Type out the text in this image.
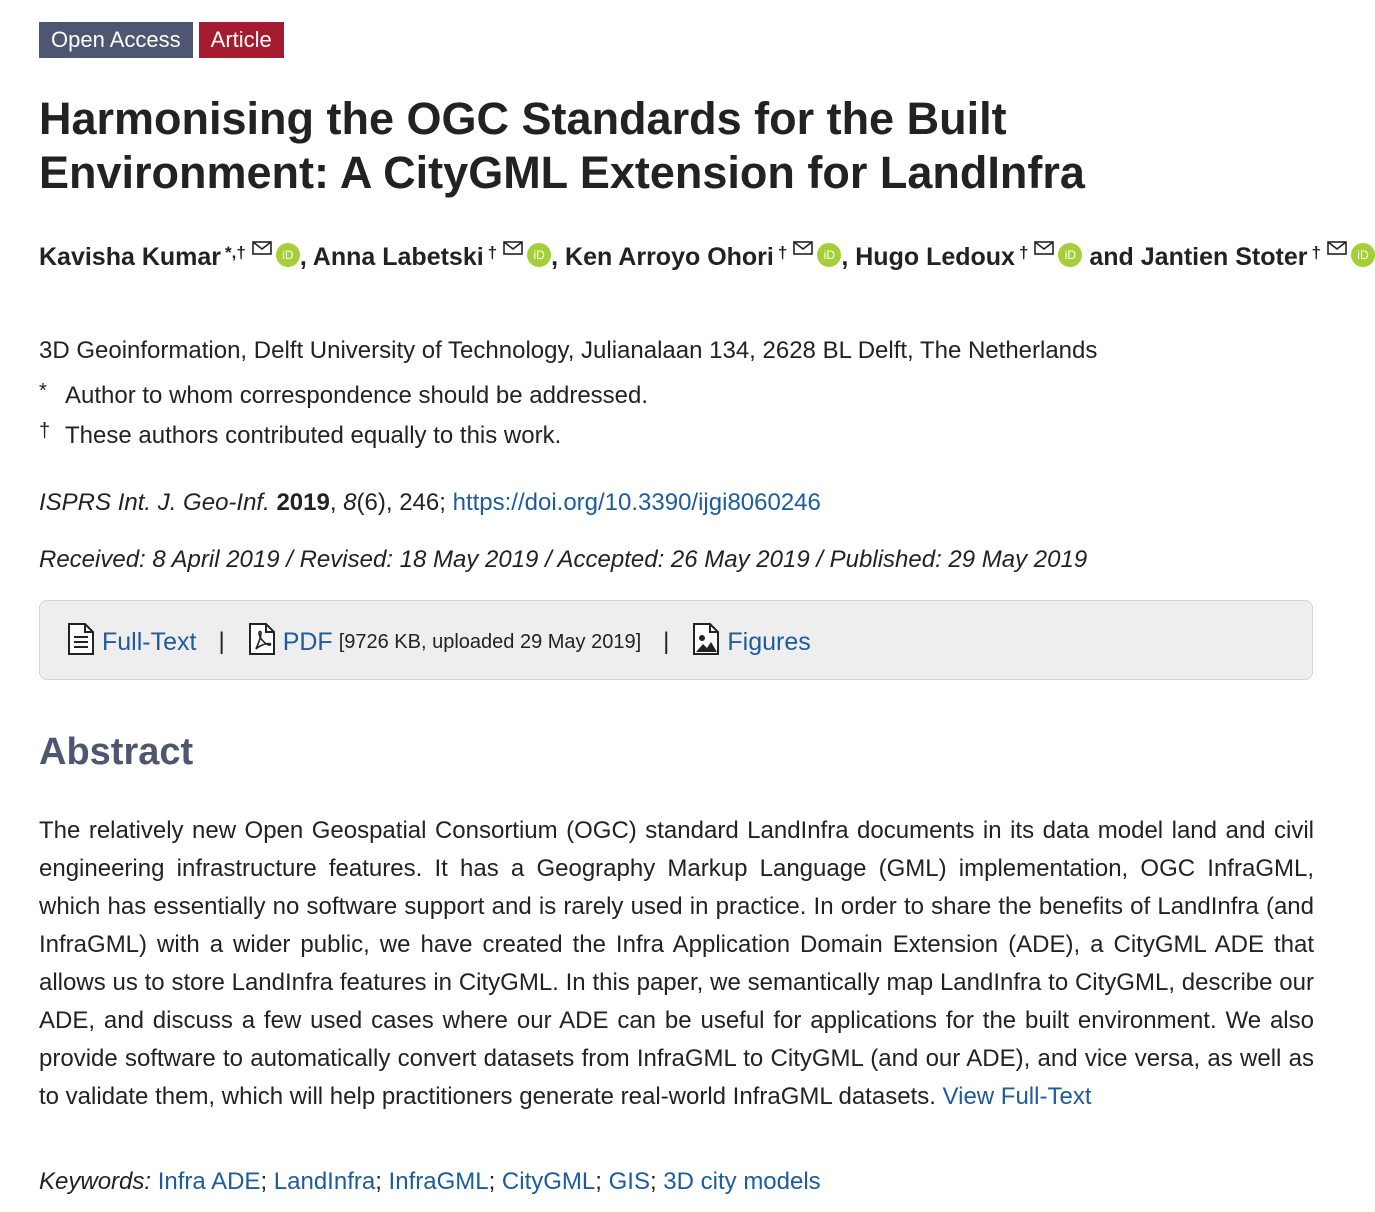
Open Access	Article
Harmonising the OGC Standards for the Built Environment: A CityGML Extension for LandInfra
Kavisha Kumar *,†	iD , Anna Labetski †	iD , Ken Arroyo Ohori †	iD , Hugo Ledoux †	iD and Jantien Stoter †	iD
3D Geoinformation, Delft University of Technology, Julianalaan 134, 2628 BL Delft, The Netherlands
* Author to whom correspondence should be addressed.
† These authors contributed equally to this work.
ISPRS Int. J. Geo-Inf. 2019, 8(6), 246; https://doi.org/10.3390/ijgi8060246
Received: 8 April 2019 / Revised: 18 May 2019 / Accepted: 26 May 2019 / Published: 29 May 2019
Full-Text | PDF [9726 KB, uploaded 29 May 2019] | Figures
Abstract

The relatively new Open Geospatial Consortium (OGC) standard LandInfra documents in its data model land and civil engineering infrastructure features. It has a Geography Markup Language (GML) implementation, OGC InfraGML, which has essentially no software support and is rarely used in practice. In order to share the benefits of LandInfra (and InfraGML) with a wider public, we have created the Infra Application Domain Extension (ADE), a CityGML ADE that allows us to store LandInfra features in CityGML. In this paper, we semantically map LandInfra to CityGML, describe our ADE, and discuss a few used cases where our ADE can be useful for applications for the built environment. We also provide software to automatically convert datasets from InfraGML to CityGML (and our ADE), and vice versa, as well as to validate them, which will help practitioners generate real-world InfraGML datasets. View Full-Text

Keywords: Infra ADE; LandInfra; InfraGML; CityGML; GIS; 3D city models
